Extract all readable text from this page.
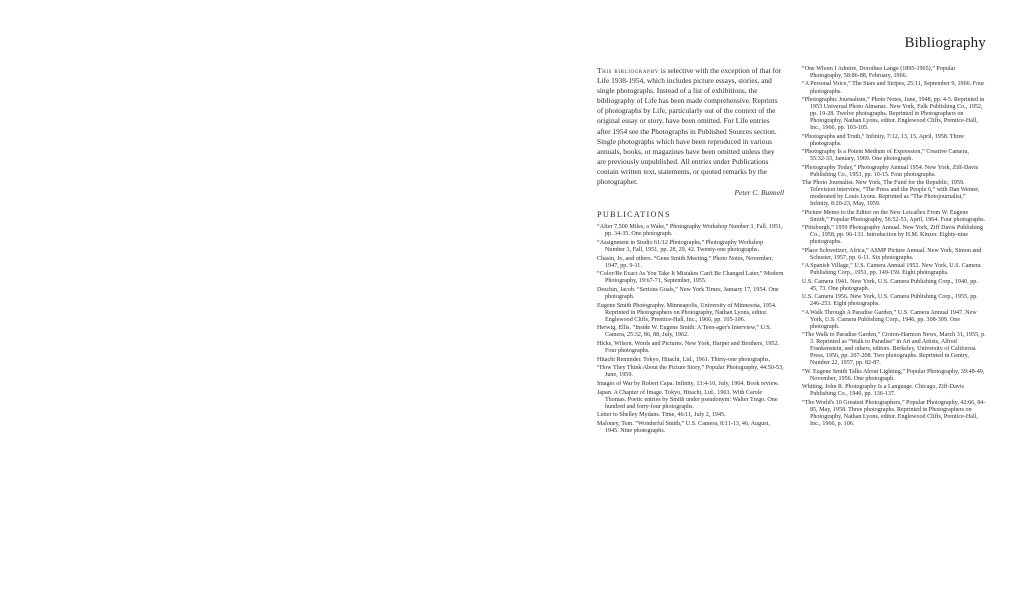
Bibliography
This bibliography is selective with the exception of that for Life 1938-1954, which includes picture essays, stories, and single photographs. Instead of a list of exhibitions, the bibliography of Life has been made comprehensive. Reprints of photographs by Life, particularly out of the context of the original essay or story, have been omitted. For Life entries after 1954 see the Photographs in Published Sources section. Single photographs which have been reproduced in various annuals, books, or magazines have been omitted unless they are previously unpublished. All entries under Publications contain written text, statements, or quoted remarks by the photographer.
Peter C. Bunnell
PUBLICATIONS

“After 7,500 Miles, a Wake,” Photography Workshop Number 3, Fall, 1951, pp. 34-35. One photograph.

“Assignment in Studio 61/12 Photographs,” Photography Workshop Number 3, Fall, 1951, pp. 28, 29, 42. Twenty-one photographs.

Chasin, Jo, and others. “Gene Smith Meeting,” Photo Notes, November, 1947, pp. 9-11.

“Color/Be Exact As You Take It Mistakes Can't Be Changed Later,” Modern Photography, 19:67-71, September, 1955.

Deschin, Jacob. “Serious Goals,” New York Times, January 17, 1954. One photograph.

Eugene Smith Photography. Minneapolis, University of Minnesota, 1954. Reprinted in Photographers on Photography, Nathan Lyons, editor. Englewood Cliffs, Prentice-Hall, Inc., 1966, pp. 105-106.

Herwig, Ellis. “Inside W. Eugene Smith: A Teen-ager's Interview,” U.S. Camera, 25:32, 86, 88, July, 1962.

Hicks, Wilson. Words and Pictures. New York, Harper and Brothers, 1952. Four photographs.

Hitachi Reminder. Tokyo, Hitachi, Ltd., 1961. Thirty-one photographs.

“How They Think About the Picture Story,” Popular Photography, 44:50-53, June, 1959.

Images of War by Robert Capa. Infinity, 13:4-10, July, 1964. Book review.

Japan. A Chapter of Image. Tokyo, Hitachi, Ltd., 1963. With Carole Thomas. Poetic entries by Smith under pseudonym: Walter Trego. One hundred and forty-four photographs.

Letter to Shelley Mydans. Time, 46:11, July 2, 1945.

Maloney, Tom. “Wonderful Smith,” U.S. Camera, 8:11-13, 46, August, 1945. Nine photographs.

“One Whom I Admire, Dorothea Lange (1895-1965),” Popular Photography, 58:86-88, February, 1966.

“A Personal Voice,” The Stars and Stripes, 25:11, September 9, 1966. Four photographs.

“Photographic Journalism,” Photo Notes, June, 1948, pp. 4-5. Reprinted in 1953 Universal Photo Almanac. New York, Falk Publishing Co., 1952, pp. 19-28. Twelve photographs. Reprinted in Photographers on Photography, Nathan Lyons, editor. Englewood Cliffs, Prentice-Hall, Inc., 1966, pp. 103-105.

“Photographs and Truth,” Infinity, 7:12, 13, 15, April, 1958. Three photographs.

“Photography Is a Potent Medium of Expression,” Creative Camera, 55:32-33, January, 1969. One photograph.

“Photography Today,” Photography Annual 1954. New York, Ziff-Davis Publishing Co., 1953, pp. 10-15. Four photographs.

The Photo Journalist. New York, The Fund for the Republic, 1959. Television interview, “The Press and the People 6,” with Dan Weiner, moderated by Louis Lyons. Reprinted as “The Photojournalist,” Infinity, 8:20-23, May, 1959.

“Picture Memo to the Editor on the New Leicaflex From W. Eugene Smith,” Popular Photography, 56:52-53, April, 1964. Four photographs.

“Pittsburgh,” 1959 Photography Annual. New York, Ziff Davis Publishing Co., 1958, pp. 96-133. Introduction by H.M. Kinzer. Eighty-nine photographs.

“Place Schweitzer, Africa,” ASMP Picture Annual. New York, Simon and Schuster, 1957, pp. 6-11. Six photographs.

“A Spanish Village,” U.S. Camera Annual 1952. New York, U.S. Camera Publishing Corp., 1951, pp. 149-159. Eight photographs.

U.S. Camera 1941. New York, U.S. Camera Publishing Corp., 1940, pp. 45, 73. One photograph.

U.S. Camera 1956. New York, U.S. Camera Publishing Corp., 1955, pp. 246-253. Eight photographs.

“A Walk Through A Paradise Garden,” U.S. Camera Annual 1947. New York, U.S. Camera Publishing Corp., 1946, pp. 308-309. One photograph.

“The Walk to Paradise Garden,” Croton-Harmon News, March 31, 1955, p. 3. Reprinted as “Walk to Paradise” in Art and Artists, Alfred Frankenstein, and others, editors. Berkeley, University of California Press, 1956, pp. 207-208. Two photographs. Reprinted in Gentry, Number 22, 1957, pp. 82-87.

“W. Eugene Smith Talks About Lighting,” Popular Photography, 39:48-49, November, 1956. One photograph.

Whiting, John R. Photography Is a Language. Chicago, Ziff-Davis Publishing Co., 1946, pp. 136-137.

“The World's 10 Greatest Photographers,” Popular Photography, 42:66, 84-85, May, 1958. Three photographs. Reprinted in Photographers on Photography, Nathan Lyons, editor. Englewood Cliffs, Prentice-Hall, Inc., 1966, p. 106.
